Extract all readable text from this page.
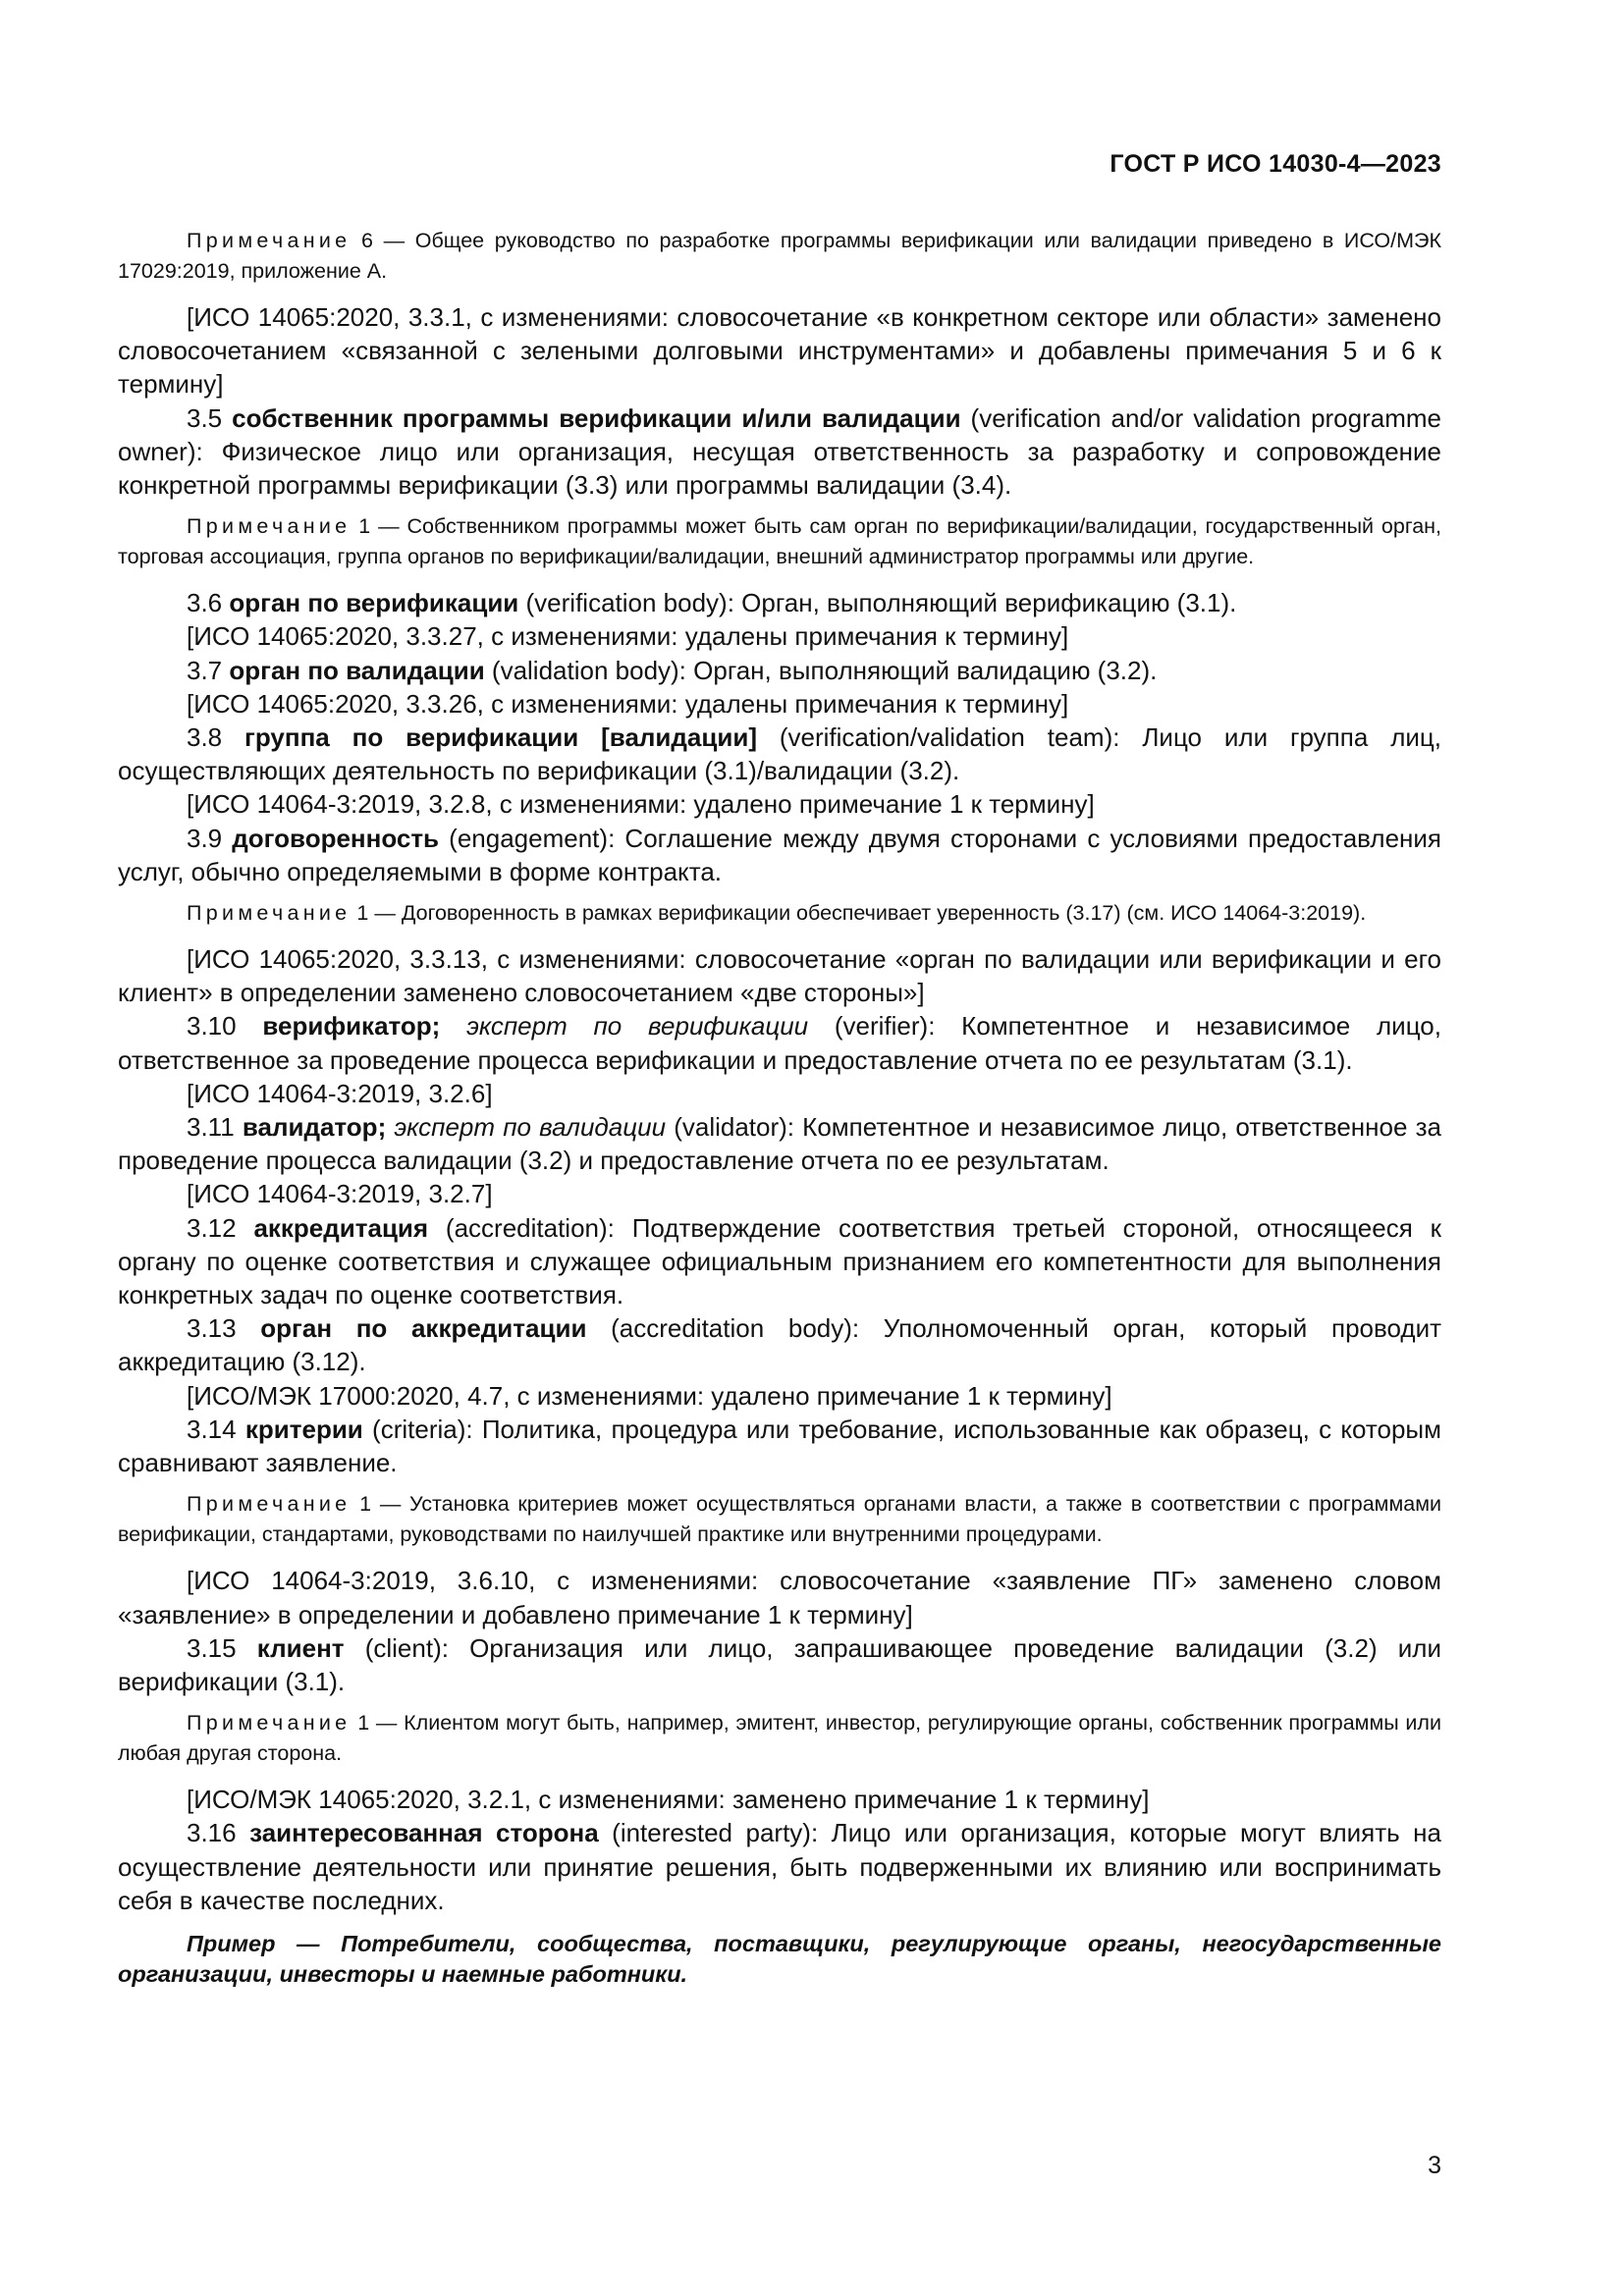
ГОСТ Р ИСО 14030-4—2023

Примечание 6 — Общее руководство по разработке программы верификации или валидации приведено в ИСО/МЭК 17029:2019, приложение А.

[ИСО 14065:2020, 3.3.1, с изменениями: словосочетание «в конкретном секторе или области» заменено словосочетанием «связанной с зелеными долговыми инструментами» и добавлены примечания 5 и 6 к термину]

3.5 собственник программы верификации и/или валидации (verification and/or validation programme owner): Физическое лицо или организация, несущая ответственность за разработку и сопровождение конкретной программы верификации (3.3) или программы валидации (3.4).

Примечание 1 — Собственником программы может быть сам орган по верификации/валидации, государственный орган, торговая ассоциация, группа органов по верификации/валидации, внешний администратор программы или другие.

3.6 орган по верификации (verification body): Орган, выполняющий верификацию (3.1).

[ИСО 14065:2020, 3.3.27, с изменениями: удалены примечания к термину]

3.7 орган по валидации (validation body): Орган, выполняющий валидацию (3.2).

[ИСО 14065:2020, 3.3.26, с изменениями: удалены примечания к термину]

3.8 группа по верификации [валидации] (verification/validation team): Лицо или группа лиц, осуществляющих деятельность по верификации (3.1)/валидации (3.2).

[ИСО 14064-3:2019, 3.2.8, с изменениями: удалено примечание 1 к термину]

3.9 договоренность (engagement): Соглашение между двумя сторонами с условиями предоставления услуг, обычно определяемыми в форме контракта.

Примечание 1 — Договоренность в рамках верификации обеспечивает уверенность (3.17) (см. ИСО 14064-3:2019).

[ИСО 14065:2020, 3.3.13, с изменениями: словосочетание «орган по валидации или верификации и его клиент» в определении заменено словосочетанием «две стороны»]

3.10 верификатор; эксперт по верификации (verifier): Компетентное и независимое лицо, ответственное за проведение процесса верификации и предоставление отчета по ее результатам (3.1).

[ИСО 14064-3:2019, 3.2.6]

3.11 валидатор; эксперт по валидации (validator): Компетентное и независимое лицо, ответственное за проведение процесса валидации (3.2) и предоставление отчета по ее результатам.

[ИСО 14064-3:2019, 3.2.7]

3.12 аккредитация (accreditation): Подтверждение соответствия третьей стороной, относящееся к органу по оценке соответствия и служащее официальным признанием его компетентности для выполнения конкретных задач по оценке соответствия.

3.13 орган по аккредитации (accreditation body): Уполномоченный орган, который проводит аккредитацию (3.12).

[ИСО/МЭК 17000:2020, 4.7, с изменениями: удалено примечание 1 к термину]

3.14 критерии (criteria): Политика, процедура или требование, использованные как образец, с которым сравнивают заявление.

Примечание 1 — Установка критериев может осуществляться органами власти, а также в соответствии с программами верификации, стандартами, руководствами по наилучшей практике или внутренними процедурами.

[ИСО 14064-3:2019, 3.6.10, с изменениями: словосочетание «заявление ПГ» заменено словом «заявление» в определении и добавлено примечание 1 к термину]

3.15 клиент (client): Организация или лицо, запрашивающее проведение валидации (3.2) или верификации (3.1).

Примечание 1 — Клиентом могут быть, например, эмитент, инвестор, регулирующие органы, собственник программы или любая другая сторона.

[ИСО/МЭК 14065:2020, 3.2.1, с изменениями: заменено примечание 1 к термину]

3.16 заинтересованная сторона (interested party): Лицо или организация, которые могут влиять на осуществление деятельности или принятие решения, быть подверженными их влиянию или воспринимать себя в качестве последних.

Пример — Потребители, сообщества, поставщики, регулирующие органы, негосударственные организации, инвесторы и наемные работники.

3
